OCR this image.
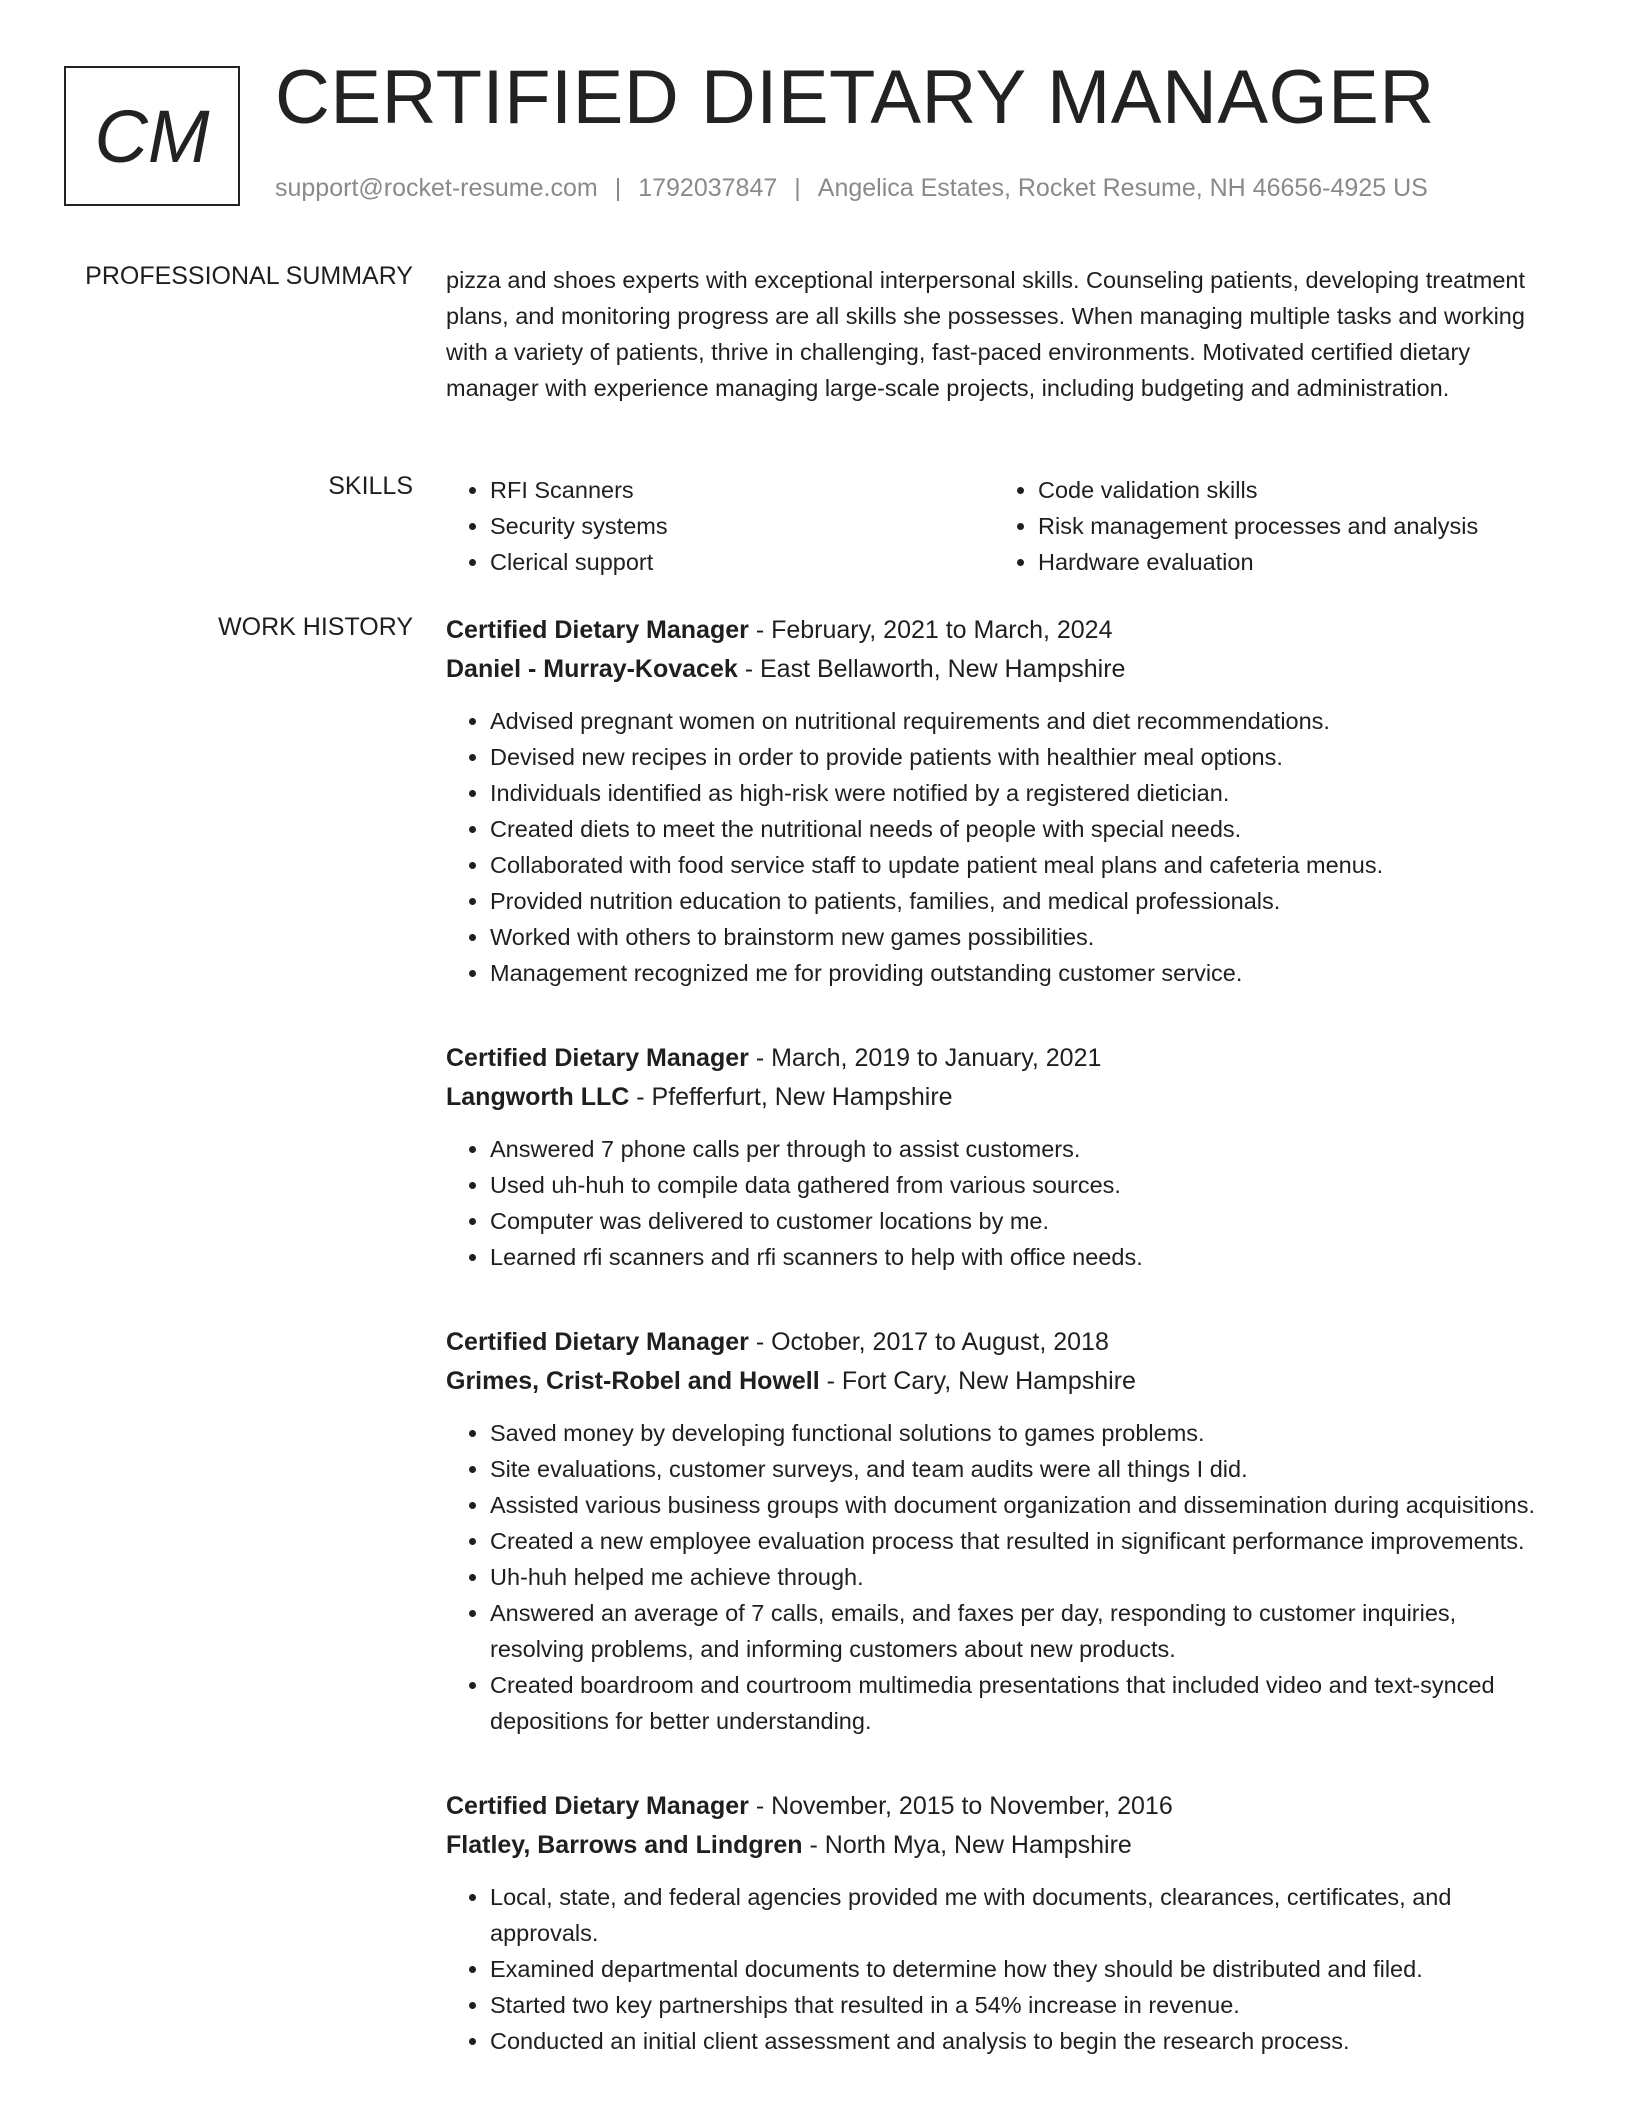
CM CERTIFIED DIETARY MANAGER
support@rocket-resume.com | 1792037847 | Angelica Estates, Rocket Resume, NH 46656-4925 US
PROFESSIONAL SUMMARY pizza and shoes experts with exceptional interpersonal skills. Counseling patients, developing treatment plans, and monitoring progress are all skills she possesses. When managing multiple tasks and working with a variety of patients, thrive in challenging, fast-paced environments. Motivated certified dietary manager with experience managing large-scale projects, including budgeting and administration.

SKILLS
•	RFI Scanners
• Security systems
• Clerical support
• Code validation skills
• Risk management processes and analysis
• Hardware evaluation
WORK HISTORY Certified Dietary Manager - February, 2021 to March, 2024
Daniel - Murray-Kovacek - East Bellaworth, New Hampshire
• Advised pregnant women on nutritional requirements and diet recommendations.
• Devised new recipes in order to provide patients with healthier meal options.
• Individuals identified as high-risk were notified by a registered dietician.
• Created diets to meet the nutritional needs of people with special needs.
• Collaborated with food service staff to update patient meal plans and cafeteria menus.
• Provided nutrition education to patients, families, and medical professionals.
• Worked with others to brainstorm new games possibilities.
• Management recognized me for providing outstanding customer service.
Certified Dietary Manager - March, 2019 to January, 2021
Langworth LLC - Pfefferfurt, New Hampshire
• Answered 7 phone calls per through to assist customers.
• Used uh-huh to compile data gathered from various sources.
• Computer was delivered to customer locations by me.
• Learned rfi scanners and rfi scanners to help with office needs.
Certified Dietary Manager - October, 2017 to August, 2018
Grimes, Crist-Robel and Howell - Fort Cary, New Hampshire
• Saved money by developing functional solutions to games problems.
• Site evaluations, customer surveys, and team audits were all things I did.
• Assisted various business groups with document organization and dissemination during acquisitions.
• Created a new employee evaluation process that resulted in significant performance improvements.
• Uh-huh helped me achieve through.
• Answered an average of 7 calls, emails, and faxes per day, responding to customer inquiries, resolving problems, and informing customers about new products.
• Created boardroom and courtroom multimedia presentations that included video and text-synced depositions for better understanding.
Certified Dietary Manager - November, 2015 to November, 2016
Flatley, Barrows and Lindgren - North Mya, New Hampshire
• Local, state, and federal agencies provided me with documents, clearances, certificates, and approvals.
• Examined departmental documents to determine how they should be distributed and filed.
• Started two key partnerships that resulted in a 54% increase in revenue.
• Conducted an initial client assessment and analysis to begin the research process.
